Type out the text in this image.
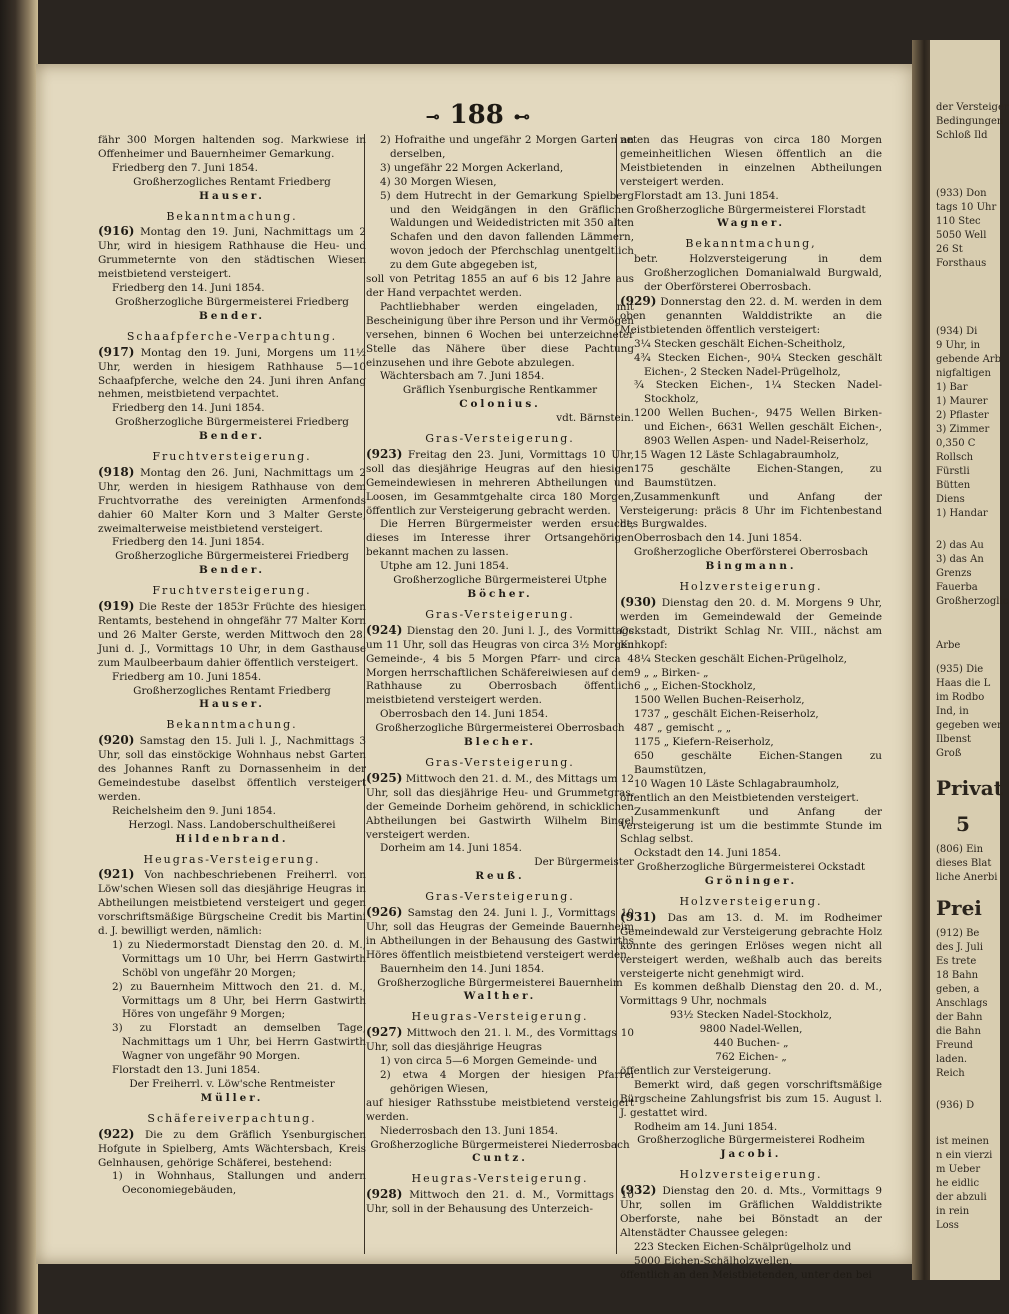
⊸ 188 ⊷

fähr 300 Morgen haltenden sog. Markwiese in Offenheimer und Bauernheimer Gemarkung.

Friedberg den 7. Juni 1854.

Großherzogliches Rentamt Friedberg

Hauser.

Bekanntmachung.

(916) Montag den 19. Juni, Nachmittags um 2 Uhr, wird in hiesigem Rathhause die Heu- und Grummeternte von den städtischen Wiesen meistbietend versteigert.

Friedberg den 14. Juni 1854.

Großherzogliche Bürgermeisterei Friedberg

Bender.

Schaafpferche-Verpachtung.

(917) Montag den 19. Juni, Morgens um 11½ Uhr, werden in hiesigem Rathhause 5—10 Schaafpferche, welche den 24. Juni ihren Anfang nehmen, meistbietend verpachtet.

Friedberg den 14. Juni 1854.

Großherzogliche Bürgermeisterei Friedberg

Bender.

Fruchtversteigerung.

(918) Montag den 26. Juni, Nachmittags um 2 Uhr, werden in hiesigem Rathhause von dem Fruchtvorrathe des vereinigten Armenfonds dahier 60 Malter Korn und 3 Malter Gerste, zweimalterweise meistbietend versteigert.

Friedberg den 14. Juni 1854.

Großherzogliche Bürgermeisterei Friedberg

Bender.

Fruchtversteigerung.

(919) Die Reste der 1853r Früchte des hiesigen Rentamts, bestehend in ohngefähr 77 Malter Korn und 26 Malter Gerste, werden Mittwoch den 28. Juni d. J., Vormittags 10 Uhr, in dem Gasthause zum Maulbeerbaum dahier öffentlich versteigert.

Friedberg am 10. Juni 1854.

Großherzogliches Rentamt Friedberg

Hauser.

Bekanntmachung.

(920) Samstag den 15. Juli l. J., Nachmittags 3 Uhr, soll das einstöckige Wohnhaus nebst Garten des Johannes Ranft zu Dornassenheim in der Gemeindestube daselbst öffentlich versteigert werden.

Reichelsheim den 9. Juni 1854.

Herzogl. Nass. Landoberschultheißerei

Hildenbrand.

Heugras-Versteigerung.

(921) Von nachbeschriebenen Freiherrl. von Löw'schen Wiesen soll das diesjährige Heugras in Abtheilungen meistbietend versteigert und gegen vorschriftsmäßige Bürgscheine Credit bis Martini d. J. bewilligt werden, nämlich:

1) zu Niedermorstadt Dienstag den 20. d. M., Vormittags um 10 Uhr, bei Herrn Gastwirth Schöbl von ungefähr 20 Morgen;

2) zu Bauernheim Mittwoch den 21. d. M., Vormittags um 8 Uhr, bei Herrn Gastwirth Höres von ungefähr 9 Morgen;

3) zu Florstadt an demselben Tage, Nachmittags um 1 Uhr, bei Herrn Gastwirth Wagner von ungefähr 90 Morgen.

Florstadt den 13. Juni 1854.

Der Freiherrl. v. Löw'sche Rentmeister

Müller.

Schäfereiverpachtung.

(922) Die zu dem Gräflich Ysenburgischen Hofgute in Spielberg, Amts Wächtersbach, Kreis Gelnhausen, gehörige Schäferei, bestehend:

1) in Wohnhaus, Stallungen und andern Oeconomiegebäuden,

2) Hofraithe und ungefähr 2 Morgen Garten an derselben,

3) ungefähr 22 Morgen Ackerland,

4) 30 Morgen Wiesen,

5) dem Hutrecht in der Gemarkung Spielberg und den Weidgängen in den Gräflichen Waldungen und Weidedistricten mit 350 alten Schafen und den davon fallenden Lämmern, wovon jedoch der Pferchschlag unentgeltlich zu dem Gute abgegeben ist,

soll von Petritag 1855 an auf 6 bis 12 Jahre aus der Hand verpachtet werden.

Pachtliebhaber werden eingeladen, mit Bescheinigung über ihre Person und ihr Vermögen versehen, binnen 6 Wochen bei unterzeichneter Stelle das Nähere über diese Pachtung einzusehen und ihre Gebote abzulegen.

Wächtersbach am 7. Juni 1854.

Gräflich Ysenburgische Rentkammer

Colonius.

vdt. Bärnstein.

Gras-Versteigerung.

(923) Freitag den 23. Juni, Vormittags 10 Uhr, soll das diesjährige Heugras auf den hiesigen Gemeindewiesen in mehreren Abtheilungen und Loosen, im Gesammtgehalte circa 180 Morgen, öffentlich zur Versteigerung gebracht werden.

Die Herren Bürgermeister werden ersucht, dieses im Interesse ihrer Ortsangehörigen bekannt machen zu lassen.

Utphe am 12. Juni 1854.

Großherzogliche Bürgermeisterei Utphe

Böcher.

Gras-Versteigerung.

(924) Dienstag den 20. Juni l. J., des Vormittags um 11 Uhr, soll das Heugras von circa 3½ Morgen Gemeinde-, 4 bis 5 Morgen Pfarr- und circa 4 Morgen herrschaftlichen Schäfereiwiesen auf dem Rathhause zu Oberrosbach öffentlich meistbietend versteigert werden.

Oberrosbach den 14. Juni 1854.

Großherzogliche Bürgermeisterei Oberrosbach

Blecher.

Gras-Versteigerung.

(925) Mittwoch den 21. d. M., des Mittags um 12 Uhr, soll das diesjährige Heu- und Grummetgras, der Gemeinde Dorheim gehörend, in schicklichen Abtheilungen bei Gastwirth Wilhelm Bingel versteigert werden.

Dorheim am 14. Juni 1854.

Der Bürgermeister

Reuß.

Gras-Versteigerung.

(926) Samstag den 24. Juni l. J., Vormittags 10 Uhr, soll das Heugras der Gemeinde Bauernheim in Abtheilungen in der Behausung des Gastwirths Höres öffentlich meistbietend versteigert werden.

Bauernheim den 14. Juni 1854.

Großherzogliche Bürgermeisterei Bauernheim

Walther.

Heugras-Versteigerung.

(927) Mittwoch den 21. l. M., des Vormittags 10 Uhr, soll das diesjährige Heugras

1) von circa 5—6 Morgen Gemeinde- und

2) etwa 4 Morgen der hiesigen Pfarrei gehörigen Wiesen,

auf hiesiger Rathsstube meistbietend versteigert werden.

Niederrosbach den 13. Juni 1854.

Großherzogliche Bürgermeisterei Niederrosbach

Cuntz.

Heugras-Versteigerung.

(928) Mittwoch den 21. d. M., Vormittags 10 Uhr, soll in der Behausung des Unterzeich-

neten das Heugras von circa 180 Morgen gemeinheitlichen Wiesen öffentlich an die Meistbietenden in einzelnen Abtheilungen versteigert werden.

Florstadt am 13. Juni 1854.

Großherzogliche Bürgermeisterei Florstadt

Wagner.

Bekanntmachung,

betr. Holzversteigerung in dem Großherzoglichen Domanialwald Burgwald, der Oberförsterei Oberrosbach.

(929) Donnerstag den 22. d. M. werden in dem oben genannten Walddistrikte an die Meistbietenden öffentlich versteigert:

3¼ Stecken geschält Eichen-Scheitholz,

4¾ Stecken Eichen-, 90¼ Stecken geschält Eichen-, 2 Stecken Nadel-Prügelholz,

¾ Stecken Eichen-, 1¼ Stecken Nadel-Stockholz,

1200 Wellen Buchen-, 9475 Wellen Birken- und Eichen-, 6631 Wellen geschält Eichen-, 8903 Wellen Aspen- und Nadel-Reiserholz,

15 Wagen 12 Läste Schlagabraumholz,

175 geschälte Eichen-Stangen, zu Baumstützen.

Zusammenkunft und Anfang der Versteigerung: präcis 8 Uhr im Fichtenbestand des Burgwaldes.

Oberrosbach den 14. Juni 1854.

Großherzogliche Oberförsterei Oberrosbach

Bingmann.

Holzversteigerung.

(930) Dienstag den 20. d. M. Morgens 9 Uhr, werden im Gemeindewald der Gemeinde Ockstadt, Distrikt Schlag Nr. VIII., nächst am Kuhkopf:

8¼ Stecken geschält Eichen-Prügelholz,

9 „ „ Birken- „

6 „ „ Eichen-Stockholz,

1500 Wellen Buchen-Reiserholz,

1737 „ geschält Eichen-Reiserholz,

487 „ gemischt „ „

1175 „ Kiefern-Reiserholz,

650 geschälte Eichen-Stangen zu Baumstützen,

10 Wagen 10 Läste Schlagabraumholz,

öffentlich an den Meistbietenden versteigert.

Zusammenkunft und Anfang der Versteigerung ist um die bestimmte Stunde im Schlag selbst.

Ockstadt den 14. Juni 1854.

Großherzogliche Bürgermeisterei Ockstadt

Gröninger.

Holzversteigerung.

(931) Das am 13. d. M. im Rodheimer Gemeindewald zur Versteigerung gebrachte Holz konnte des geringen Erlöses wegen nicht all versteigert werden, weßhalb auch das bereits versteigerte nicht genehmigt wird.

Es kommen deßhalb Dienstag den 20. d. M., Vormittags 9 Uhr, nochmals

93½ Stecken Nadel-Stockholz,

9800 Nadel-Wellen,

440 Buchen- „

762 Eichen- „

öffentlich zur Versteigerung.

Bemerkt wird, daß gegen vorschriftsmäßige Bürgscheine Zahlungsfrist bis zum 15. August l. J. gestattet wird.

Rodheim am 14. Juni 1854.

Großherzogliche Bürgermeisterei Rodheim

Jacobi.

Holzversteigerung.

(932) Dienstag den 20. d. Mts., Vormittags 9 Uhr, sollen im Gräflichen Walddistrikte Oberforste, nahe bei Bönstadt an der Altenstädter Chaussee gelegen:

223 Stecken Eichen-Schälprügelholz und

5000 Eichen-Schälholzwellen,

öffentlich an den Meistbietenden, unter den bei

der Versteiger
Bedingungen
Schloß Ild
(933) Don
tags 10 Uhr
110 Stec
5050 Well
26 St
Forsthaus
(934) Di
9 Uhr, in
gebende Arb
nigfaltigen
1) Bar
1) Maurer
2) Pflaster
3) Zimmer
0,350 C
Rollsch
Fürstli
Bütten
Diens
1) Handar
2) das Au
3) das An
Grenzs
Fauerba
Großherzoglic
Arbe
(935) Die
Haas die L
im Rodbo
Ind, in
gegeben wer
Ilbenst
Groß
Privat
5
(806) Ein
dieses Blat
liche Anerbi
Prei
(912) Be
des J. Juli
Es trete
18 Bahn
geben, a
Anschlags
der Bahn
die Bahn
Freund
laden.
Reich
(936) D
ist meinen
n ein vierzi
m Ueber
he eidlic
der abzuli
in rein
Loss
